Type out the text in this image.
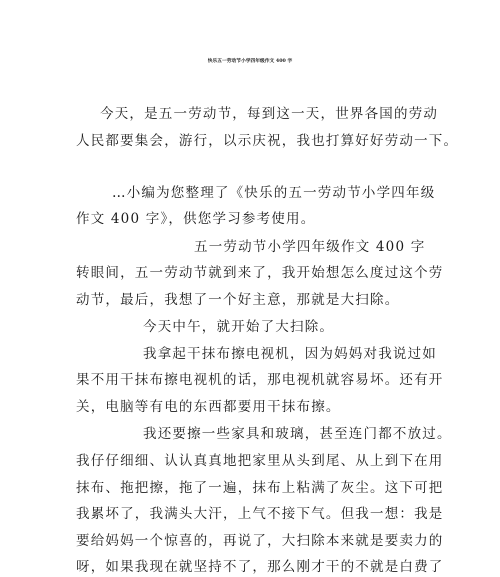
快乐五一劳动节小学四年级作文 400 字
今天，是五一劳动节，每到这一天，世界各国的劳动
人民都要集会，游行，以示庆祝，我也打算好好劳动一下。
…小编为您整理了《快乐的五一劳动节小学四年级
作文 400 字》，供您学习参考使用。
五一劳动节小学四年级作文 400 字
转眼间，五一劳动节就到来了，我开始想怎么度过这个劳
动节，最后，我想了一个好主意，那就是大扫除。
今天中午，就开始了大扫除。
我拿起干抹布擦电视机，因为妈妈对我说过如
果不用干抹布擦电视机的话，那电视机就容易坏。还有开
关，电脑等有电的东西都要用干抹布擦。
我还要擦一些家具和玻璃，甚至连门都不放过。
我仔仔细细、认认真真地把家里从头到尾、从上到下在用
抹布、拖把擦，拖了一遍，抹布上粘满了灰尘。这下可把
我累坏了，我满头大汗，上气不接下气。但我一想：我是
要给妈妈一个惊喜的，再说了，大扫除本来就是要卖力的
呀，如果我现在就坚持不了，那么刚才干的不就是白费了
